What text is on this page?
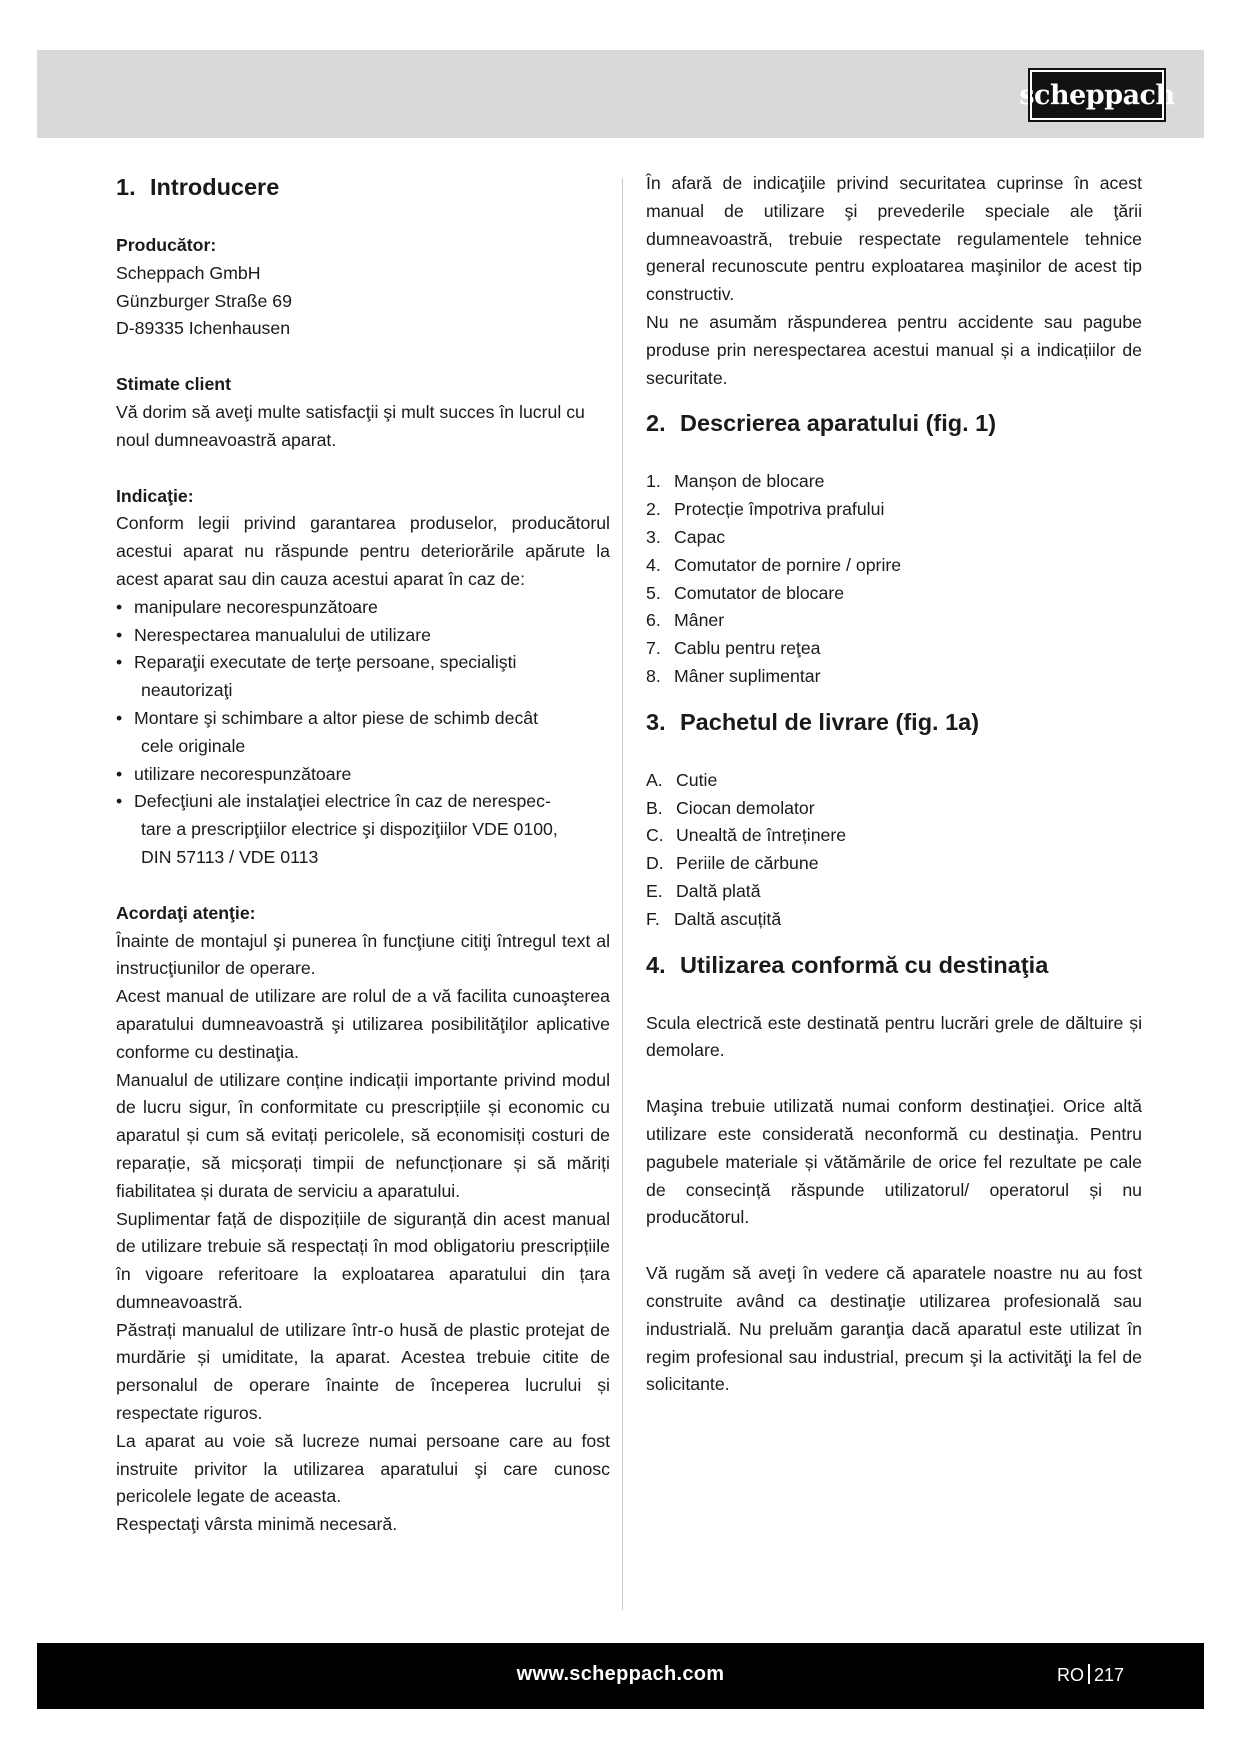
scheppach
1. Introducere

Producător:

Scheppach GmbH

Günzburger Straße 69

D-89335 Ichenhausen

Stimate client

Vă dorim să aveţi multe satisfacţii şi mult succes în lucrul cu noul dumneavoastră aparat.

Indicaţie:

Conform legii privind garantarea produselor, producătorul acestui aparat nu răspunde pentru deteriorările apărute la acest aparat sau din cauza acestui aparat în caz de:

• manipulare necorespunzătoare
• Nerespectarea manualului de utilizare
• Reparaţii executate de terţe persoane, specialişti
neautorizaţi
• Montare şi schimbare a altor piese de schimb decât
cele originale
• utilizare necorespunzătoare
• Defecţiuni ale instalaţiei electrice în caz de nerespec-
tare a prescripţiilor electrice şi dispoziţiilor VDE 0100,
DIN 57113 / VDE 0113

Acordaţi atenţie:

Înainte de montajul şi punerea în funcţiune citiţi întregul text al instrucţiunilor de operare.

Acest manual de utilizare are rolul de a vă facilita cunoaşterea aparatului dumneavoastră şi utilizarea posibilităţilor aplicative conforme cu destinaţia.

Manualul de utilizare conține indicații importante privind modul de lucru sigur, în conformitate cu prescripțiile și economic cu aparatul și cum să evitați pericolele, să economisiți costuri de reparație, să micșorați timpii de nefuncționare și să măriți fiabilitatea și durata de serviciu a aparatului.

Suplimentar față de dispozițiile de siguranță din acest manual de utilizare trebuie să respectați în mod obligatoriu prescripțiile în vigoare referitoare la exploatarea aparatului din țara dumneavoastră.

Păstrați manualul de utilizare într-o husă de plastic protejat de murdărie și umiditate, la aparat. Acestea trebuie citite de personalul de operare înainte de începerea lucrului și respectate riguros.

La aparat au voie să lucreze numai persoane care au fost instruite privitor la utilizarea aparatului şi care cunosc pericolele legate de aceasta.

Respectaţi vârsta minimă necesară.

În afară de indicaţiile privind securitatea cuprinse în acest manual de utilizare şi prevederile speciale ale ţării dumneavoastră, trebuie respectate regulamentele tehnice general recunoscute pentru exploatarea maşinilor de acest tip constructiv.

Nu ne asumăm răspunderea pentru accidente sau pagube produse prin nerespectarea acestui manual și a indicațiilor de securitate.

2. Descrierea aparatului (fig. 1)
1. Manșon de blocare
2. Protecție împotriva prafului
3. Capac
4. Comutator de pornire / oprire
5. Comutator de blocare
6. Mâner
7. Cablu pentru reţea
8. Mâner suplimentar
3. Pachetul de livrare (fig. 1a)
A. Cutie
B. Ciocan demolator
C. Unealtă de întreținere
D. Periile de cărbune
E. Daltă plată
F. Daltă ascuțită
4. Utilizarea conformă cu destinaţia

Scula electrică este destinată pentru lucrări grele de dăltuire și demolare.

Maşina trebuie utilizată numai conform destinaţiei. Orice altă utilizare este considerată neconformă cu destinaţia. Pentru pagubele materiale și vătămările de orice fel rezultate pe cale de consecință răspunde utilizatorul/ operatorul și nu producătorul.

Vă rugăm să aveţi în vedere că aparatele noastre nu au fost construite având ca destinaţie utilizarea profesională sau industrială. Nu preluăm garanţia dacă aparatul este utilizat în regim profesional sau industrial, precum şi la activităţi la fel de solicitante.

www.scheppach.com	RO 217
